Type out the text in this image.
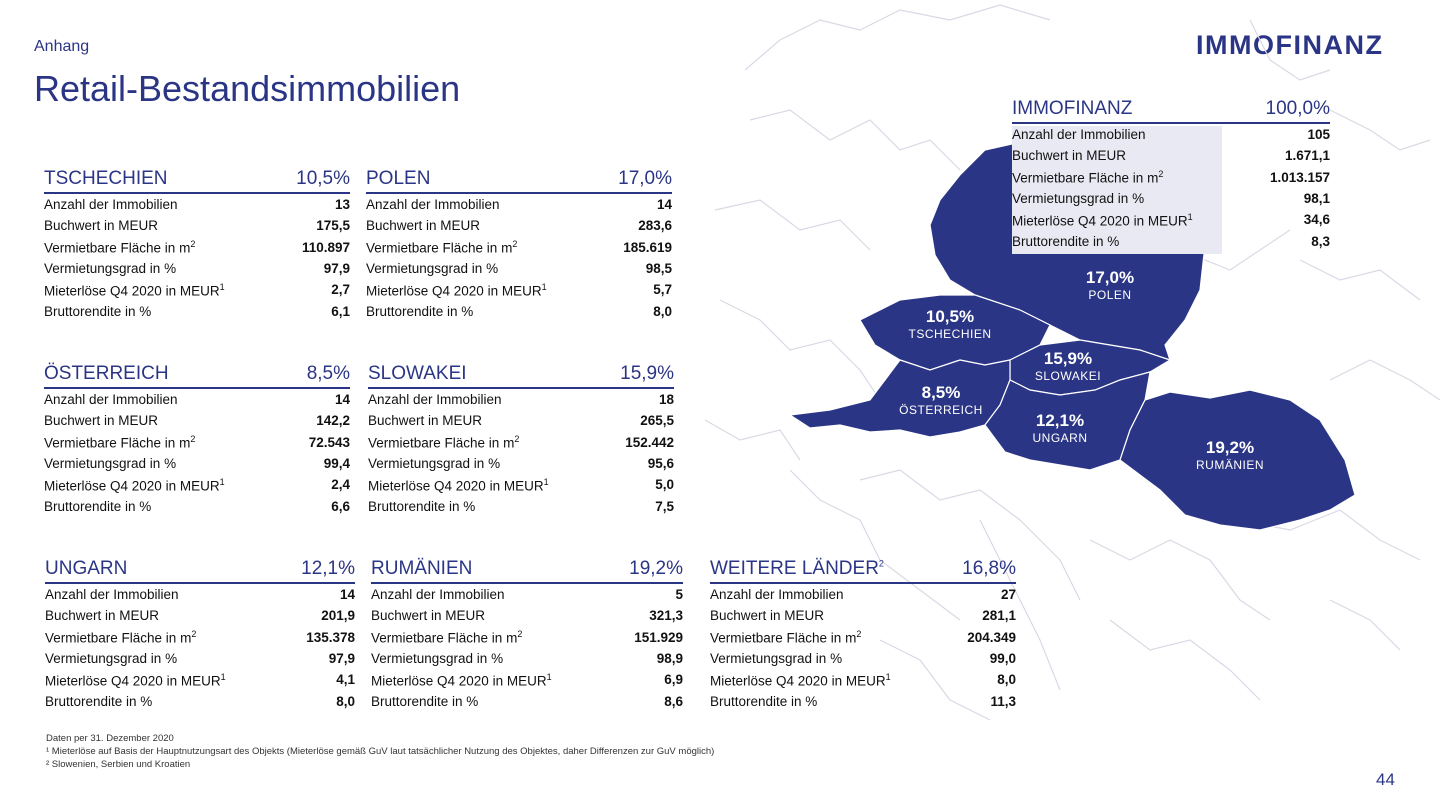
Anhang
Retail-Bestandsimmobilien
IMMOFINANZ
17,0%
POLEN
10,5%
TSCHECHIEN
15,9%
SLOWAKEI
8,5%
ÖSTERREICH
12,1%
UNGARN	19,2%
RUMÄNIEN
IMMOFINANZ	100,0%
Anzahl der Immobilien	105
Buchwert in MEUR	1.671,1
Vermietbare Fläche in $m^2$	1.013.157
Vermietungsgrad in %	98,1
Mieterlöse Q4 2020 in MEUR$^1$	34,6
Bruttorendite in %	8,3
TSCHECHIEN	10,5%
Anzahl der Immobilien	13
Buchwert in MEUR	175,5
Vermietbare Fläche in $m^2$	110.897
Vermietungsgrad in %	97,9
Mieterlöse Q4 2020 in MEUR$^1$	2,7
Bruttorendite in %	6,1
POLEN	17,0%
Anzahl der Immobilien	14
Buchwert in MEUR	283,6
Vermietbare Fläche in $m^2$	185.619
Vermietungsgrad in %	98,5
Mieterlöse Q4 2020 in MEUR$^1$	5,7
Bruttorendite in %	8,0
ÖSTERREICH	8,5%
Anzahl der Immobilien	14
Buchwert in MEUR	142,2
Vermietbare Fläche in $m^2$	72.543
Vermietungsgrad in %	99,4
Mieterlöse Q4 2020 in MEUR$^1$	2,4
Bruttorendite in %	6,6
SLOWAKEI	15,9%
Anzahl der Immobilien	18
Buchwert in MEUR	265,5
Vermietbare Fläche in $m^2$	152.442
Vermietungsgrad in %	95,6
Mieterlöse Q4 2020 in MEUR$^1$	5,0
Bruttorendite in %	7,5
UNGARN	12,1%
Anzahl der Immobilien	14
Buchwert in MEUR	201,9
Vermietbare Fläche in $m^2$	135.378
Vermietungsgrad in %	97,9
Mieterlöse Q4 2020 in MEUR$^1$	4,1
Bruttorendite in %	8,0
RUMÄNIEN	19,2%
Anzahl der Immobilien	5
Buchwert in MEUR	321,3
Vermietbare Fläche in $m^2$	151.929
Vermietungsgrad in %	98,9
Mieterlöse Q4 2020 in MEUR$^1$	6,9
Bruttorendite in %	8,6
WEITERE LÄNDER$^2$	16,8%
Anzahl der Immobilien	27
Buchwert in MEUR	281,1
Vermietbare Fläche in $m^2$	204.349
Vermietungsgrad in %	99,0
Mieterlöse Q4 2020 in MEUR$^1$	8,0
Bruttorendite in %	11,3
Daten per 31. Dezember 2020
¹ Mieterlöse auf Basis der Hauptnutzungsart des Objekts (Mieterlöse gemäß GuV laut tatsächlicher Nutzung des Objektes, daher Differenzen zur GuV möglich)
² Slowenien, Serbien und Kroatien
44
